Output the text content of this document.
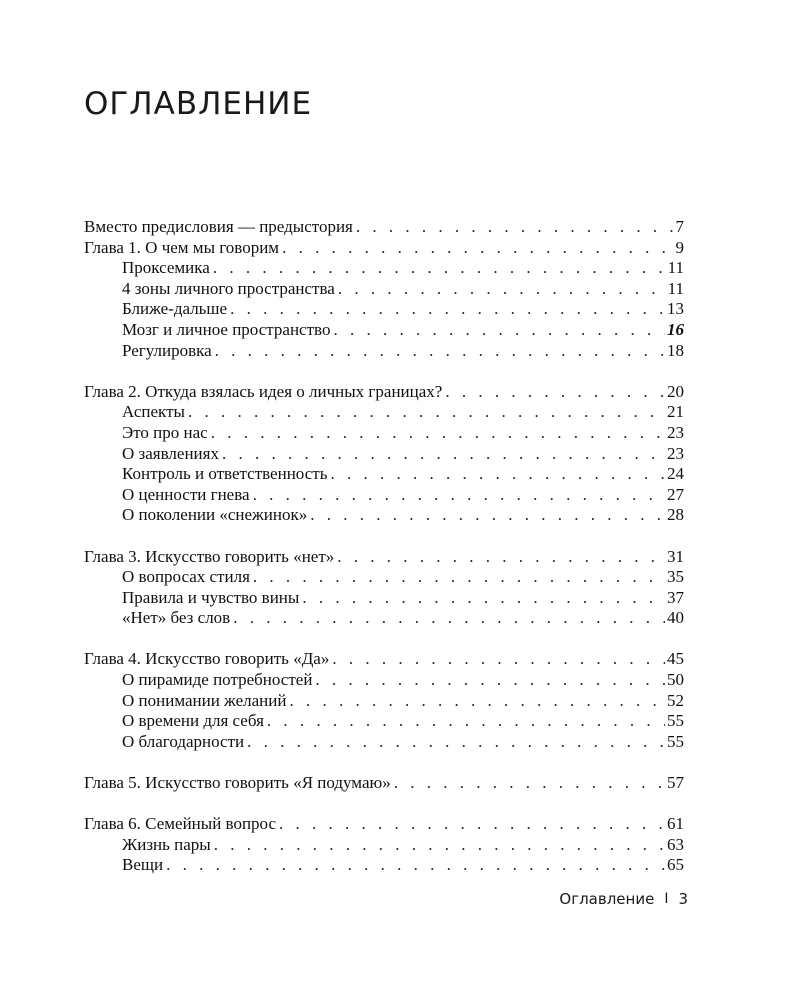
ОГЛАВЛЕНИЕ
Вместо предисловия — предыстория . . .	7
Глава 1. О чем мы говорим . . .	9
Проксемика . . .	11
4 зоны личного пространства . . .	11
Ближе-дальше . . .	13
Мозг и личное пространство . . .	16
Регулировка . . .	18
Глава 2. Откуда взялась идея о личных границах? . . .	20
Аспекты . . .	21
Это про нас . . .	23
О заявлениях . . .	23
Контроль и ответственность . . .	24
О ценности гнева . . .	27
О поколении «снежинок» . . .	28
Глава 3. Искусство говорить «нет» . . .	31
О вопросах стиля . . .	35
Правила и чувство вины . . .	37
«Нет» без слов . . .	40
Глава 4. Искусство говорить «Да» . . .	45
О пирамиде потребностей . . .	50
О понимании желаний . . .	52
О времени для себя . . .	55
О благодарности . . .	55
Глава 5. Искусство говорить «Я подумаю» . . .	57
Глава 6. Семейный вопрос . . .	61
Жизнь пары . . .	63
Вещи . . .	65
Оглавление I 3
